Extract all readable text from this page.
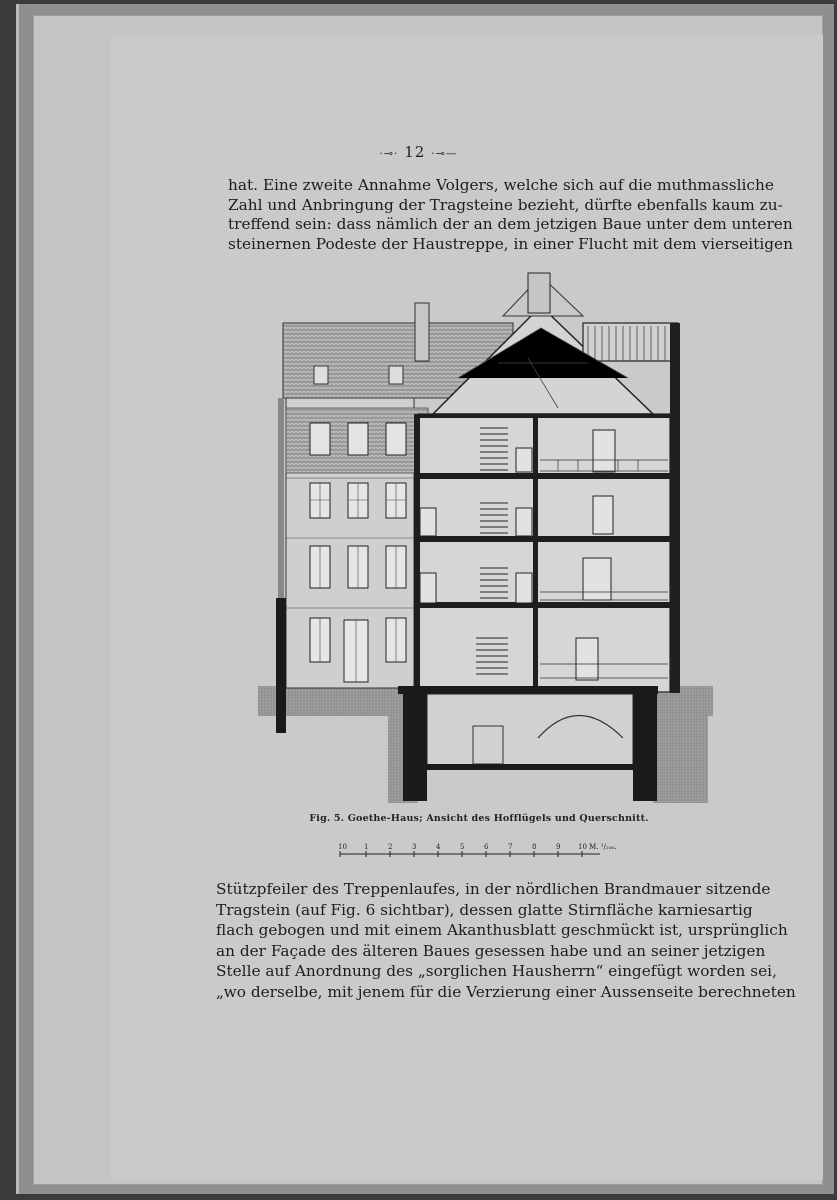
·⊸· 12 ·⊸—
hat. Eine zweite Annahme Volgers, welche sich auf die muthmassliche
Zahl und Anbringung der Tragsteine bezieht, dürfte ebenfalls kaum zu-
treffend sein: dass nämlich der an dem jetzigen Baue unter dem unteren
steinernen Podeste der Haustreppe, in einer Flucht mit dem vierseitigen
Fig. 5. Goethe-Haus; Ansicht des Hofflügels und Querschnitt.
10 1	2	3	4	5	6	7	8	9	10 M. ¹/₂₀₀.
Stützpfeiler des Treppenlaufes, in der nördlichen Brandmauer sitzende
Tragstein (auf Fig. 6 sichtbar), dessen glatte Stirnfläche karniesartig
flach gebogen und mit einem Akanthusblatt geschmückt ist, ursprünglich
an der Façade des älteren Baues gesessen habe und an seiner jetzigen
Stelle auf Anordnung des „sorglichen Hausherrn“ eingefügt worden sei,
„wo derselbe, mit jenem für die Verzierung einer Aussenseite berechneten
